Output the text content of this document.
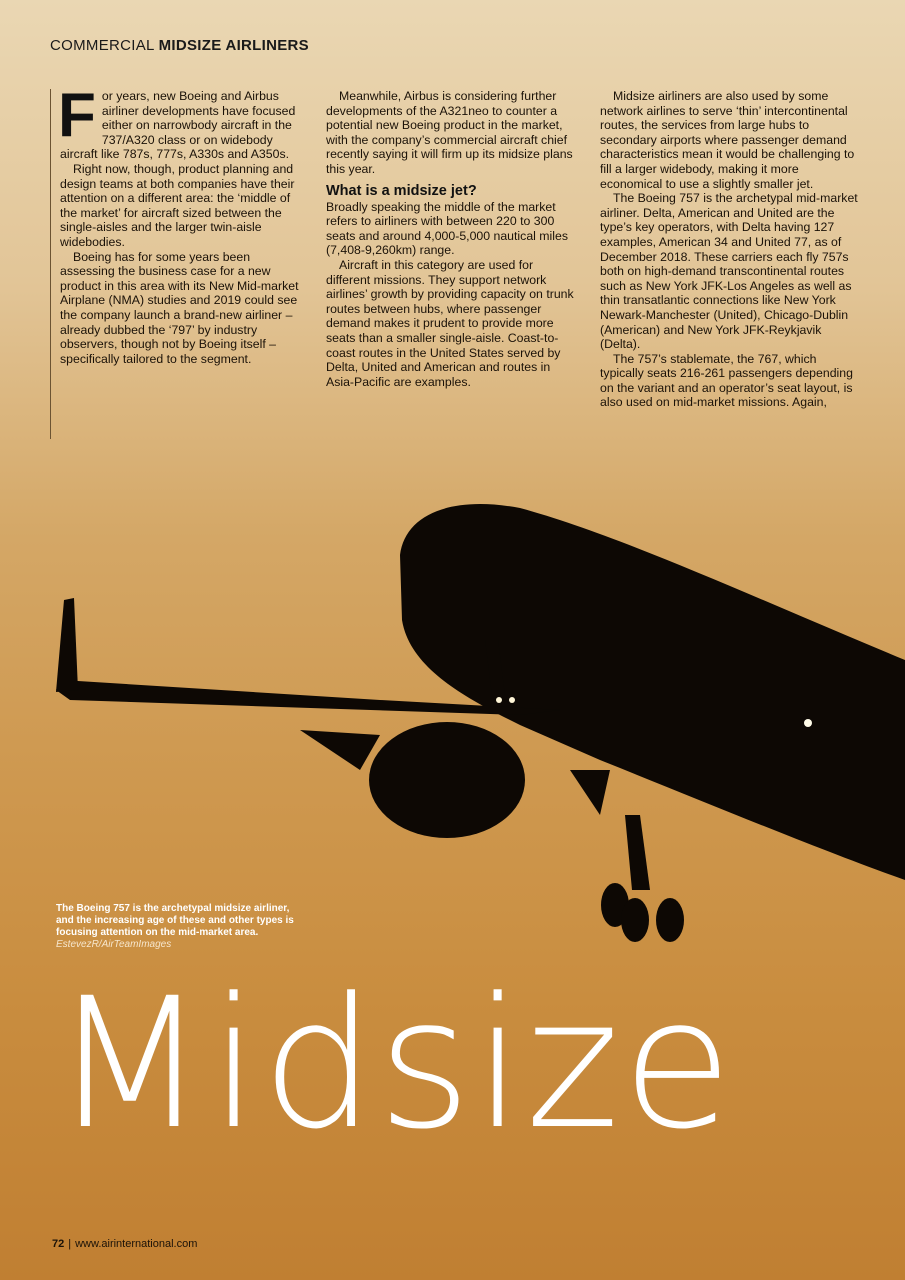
COMMERCIAL MIDSIZE AIRLINERS

For years, new Boeing and Airbus airliner developments have focused either on narrowbody aircraft in the 737/A320 class or on widebody aircraft like 787s, 777s, A330s and A350s.

Right now, though, product planning and design teams at both companies have their attention on a different area: the ‘middle of the market’ for aircraft sized between the single-aisles and the larger twin-aisle widebodies.

Boeing has for some years been assessing the business case for a new product in this area with its New Mid-market Airplane (NMA) studies and 2019 could see the company launch a brand-new airliner – already dubbed the ‘797’ by industry observers, though not by Boeing itself – specifically tailored to the segment.

Meanwhile, Airbus is considering further developments of the A321neo to counter a potential new Boeing product in the market, with the company’s commercial aircraft chief recently saying it will firm up its midsize plans this year.

What is a midsize jet?

Broadly speaking the middle of the market refers to airliners with between 220 to 300 seats and around 4,000-5,000 nautical miles (7,408-9,260km) range.

Aircraft in this category are used for different missions. They support network airlines’ growth by providing capacity on trunk routes between hubs, where passenger demand makes it prudent to provide more seats than a smaller single-aisle. Coast-to-coast routes in the United States served by Delta, United and American and routes in Asia-Pacific are examples.

Midsize airliners are also used by some network airlines to serve ‘thin’ intercontinental routes, the services from large hubs to secondary airports where passenger demand characteristics mean it would be challenging to fill a larger widebody, making it more economical to use a slightly smaller jet.

The Boeing 757 is the archetypal mid-market airliner. Delta, American and United are the type’s key operators, with Delta having 127 examples, American 34 and United 77, as of December 2018. These carriers each fly 757s both on high-demand transcontinental routes such as New York JFK-Los Angeles as well as thin transatlantic connections like New York Newark-Manchester (United), Chicago-Dublin (American) and New York JFK-Reykjavik (Delta).

The 757’s stablemate, the 767, which typically seats 216-261 passengers depending on the variant and an operator’s seat layout, is also used on mid-market missions. Again,

The Boeing 757 is the archetypal midsize airliner, and the increasing age of these and other types is focusing attention on the mid-market area.
EstevezR/AirTeamImages
Midsize
72 | www.airinternational.com
